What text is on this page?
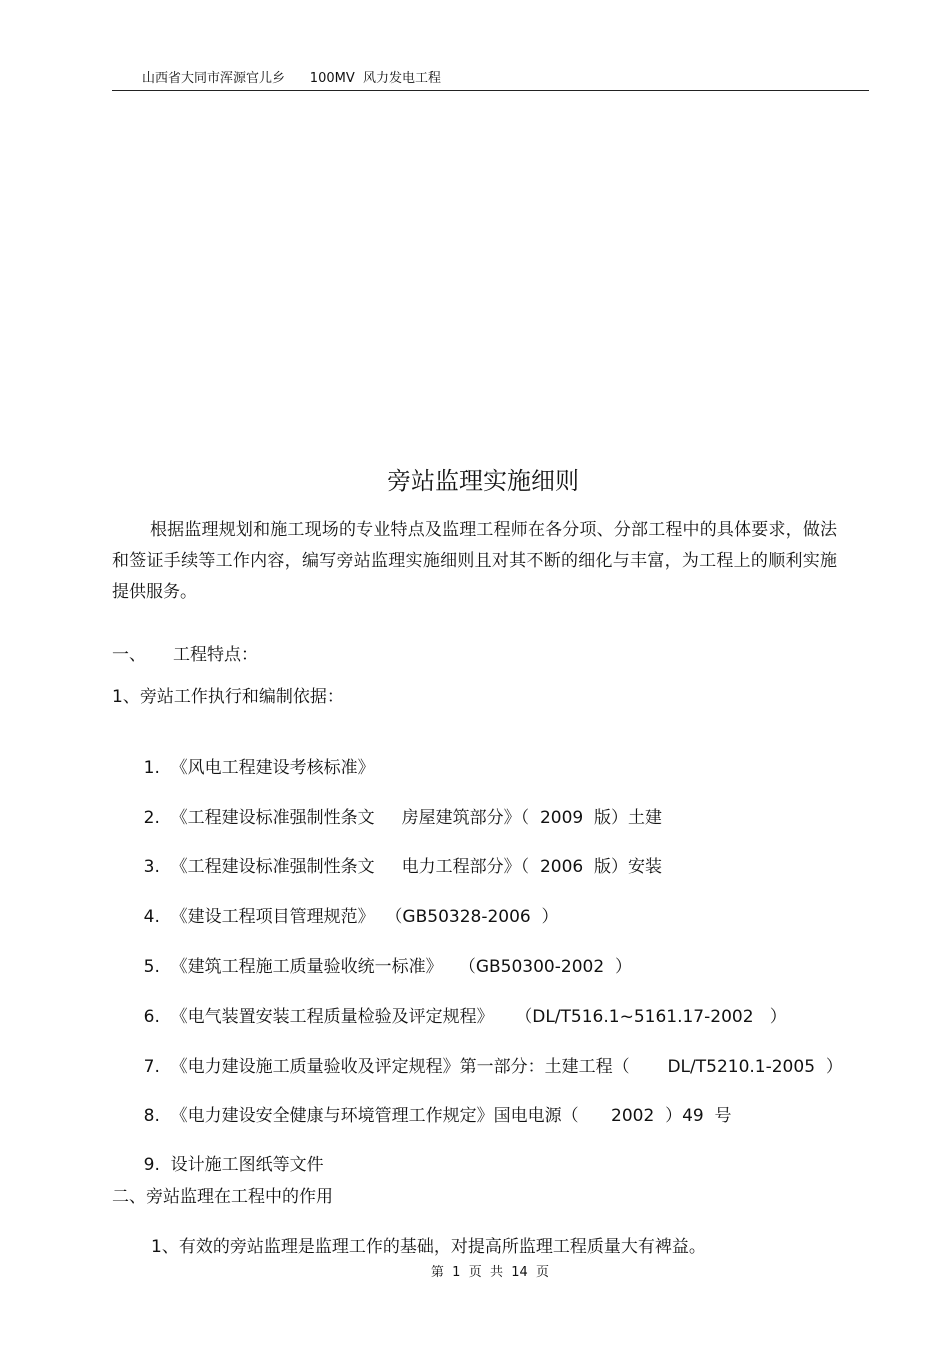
山西省大同市浑源官儿乡      100MV  风力发电工程
旁站监理实施细则
根据监理规划和施工现场的专业特点及监理工程师在各分项、分部工程中的具体要求，做法和签证手续等工作内容，编写旁站监理实施细则且对其不断的细化与丰富，为工程上的顺利实施提供服务。
一、     工程特点：
1、旁站工作执行和编制依据：

1. 《风电工程建设考核标准》

2. 《工程建设标准强制性条文     房屋建筑部分》（  2009  版）土建

3. 《工程建设标准强制性条文     电力工程部分》（  2006  版）安装

4. 《建设工程项目管理规范》  （GB50328-2006  ）

5. 《建筑工程施工质量验收统一标准》   （GB50300-2002  ）

6. 《电气装置安装工程质量检验及评定规程》    （DL/T516.1~5161.17-2002   ）

7. 《电力建设施工质量验收及评定规程》第一部分：土建工程（       DL/T5210.1-2005  ）

8. 《电力建设安全健康与环境管理工作规定》国电电源（      2002  ）49  号

9. 设计施工图纸等文件

二、旁站监理在工程中的作用
1、有效的旁站监理是监理工作的基础，对提高所监理工程质量大有裨益。
第  1  页  共  14  页
